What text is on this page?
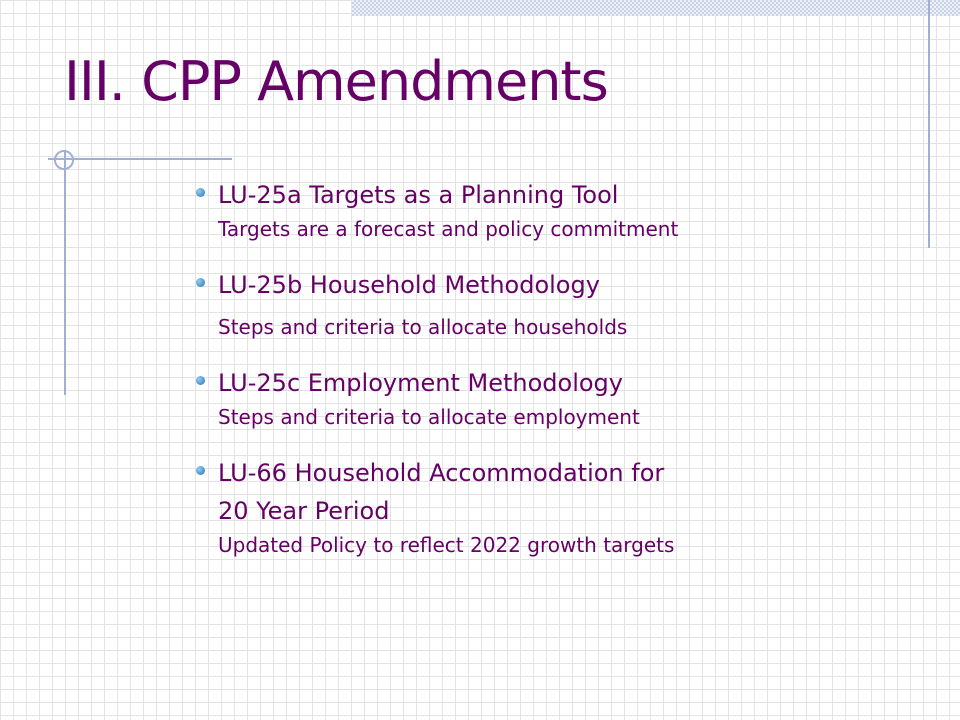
III. CPP Amendments
LU-25a Targets as a Planning Tool
Targets are a forecast and policy commitment
LU-25b Household Methodology
Steps and criteria to allocate households
LU-25c Employment Methodology
Steps and criteria to allocate employment
LU-66 Household Accommodation for
20 Year Period
Updated Policy to reflect 2022 growth targets
